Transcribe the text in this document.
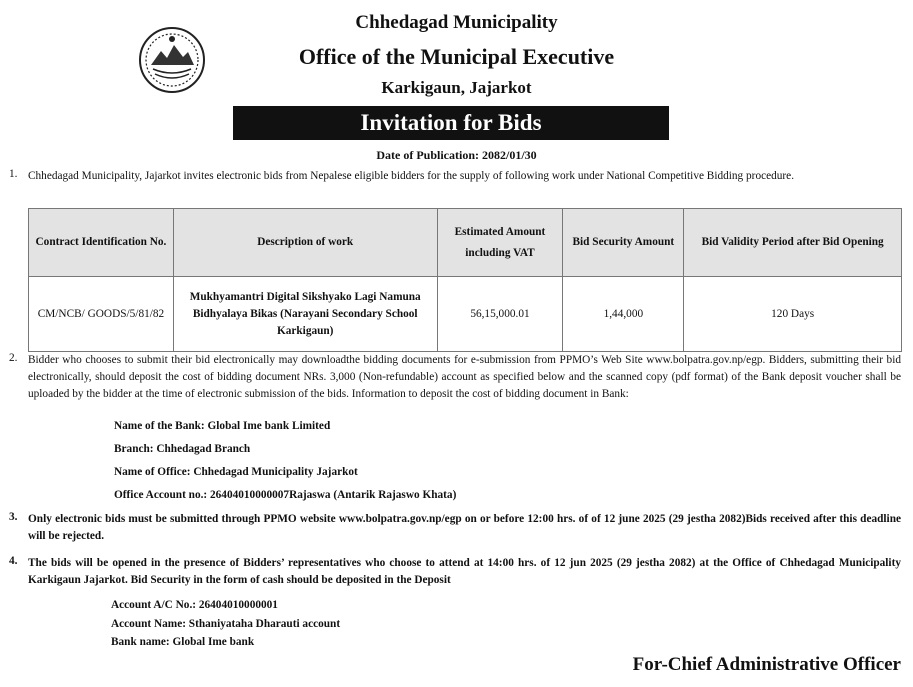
Chhedagad Municipality
Office of the Municipal Executive
Karkigaun, Jajarkot
Invitation for Bids
Date of Publication: 2082/01/30
1. Chhedagad Municipality, Jajarkot invites electronic bids from Nepalese eligible bidders for the supply of following work under National Competitive Bidding procedure.
Contract Identification No.	Description of work	Estimated Amount including VAT	Bid Security Amount	Bid Validity Period after Bid Opening
CM/NCB/ GOODS/5/81/82	Mukhyamantri Digital Sikshyako Lagi Namuna Bidhyalaya Bikas (Narayani Secondary School Karkigaun)	56,15,000.01	1,44,000	120 Days
2. Bidder who chooses to submit their bid electronically may downloadthe bidding documents for e-submission from PPMO’s Web Site www.bolpatra.gov.np/egp. Bidders, submitting their bid electronically, should deposit the cost of bidding document NRs. 3,000 (Non-refundable) account as specified below and the scanned copy (pdf format) of the Bank deposit voucher shall be uploaded by the bidder at the time of electronic submission of the bids. Information to deposit the cost of bidding document in Bank:
Name of the Bank: Global Ime bank Limited
Branch: Chhedagad Branch
Name of Office: Chhedagad Municipality Jajarkot
Office Account no.: 26404010000007Rajaswa (Antarik Rajaswo Khata)
3. Only electronic bids must be submitted through PPMO website www.bolpatra.gov.np/egp on or before 12:00 hrs. of of 12 june 2025 (29 jestha 2082)Bids received after this deadline will be rejected.
4. The bids will be opened in the presence of Bidders’ representatives who choose to attend at 14:00 hrs. of 12 jun 2025 (29 jestha 2082) at the Office of Chhedagad Municipality Karkigaun Jajarkot. Bid Security in the form of cash should be deposited in the Deposit
Account A/C No.: 26404010000001
Account Name: Sthaniyataha Dharauti account
Bank name: Global Ime bank
For-Chief Administrative Officer
